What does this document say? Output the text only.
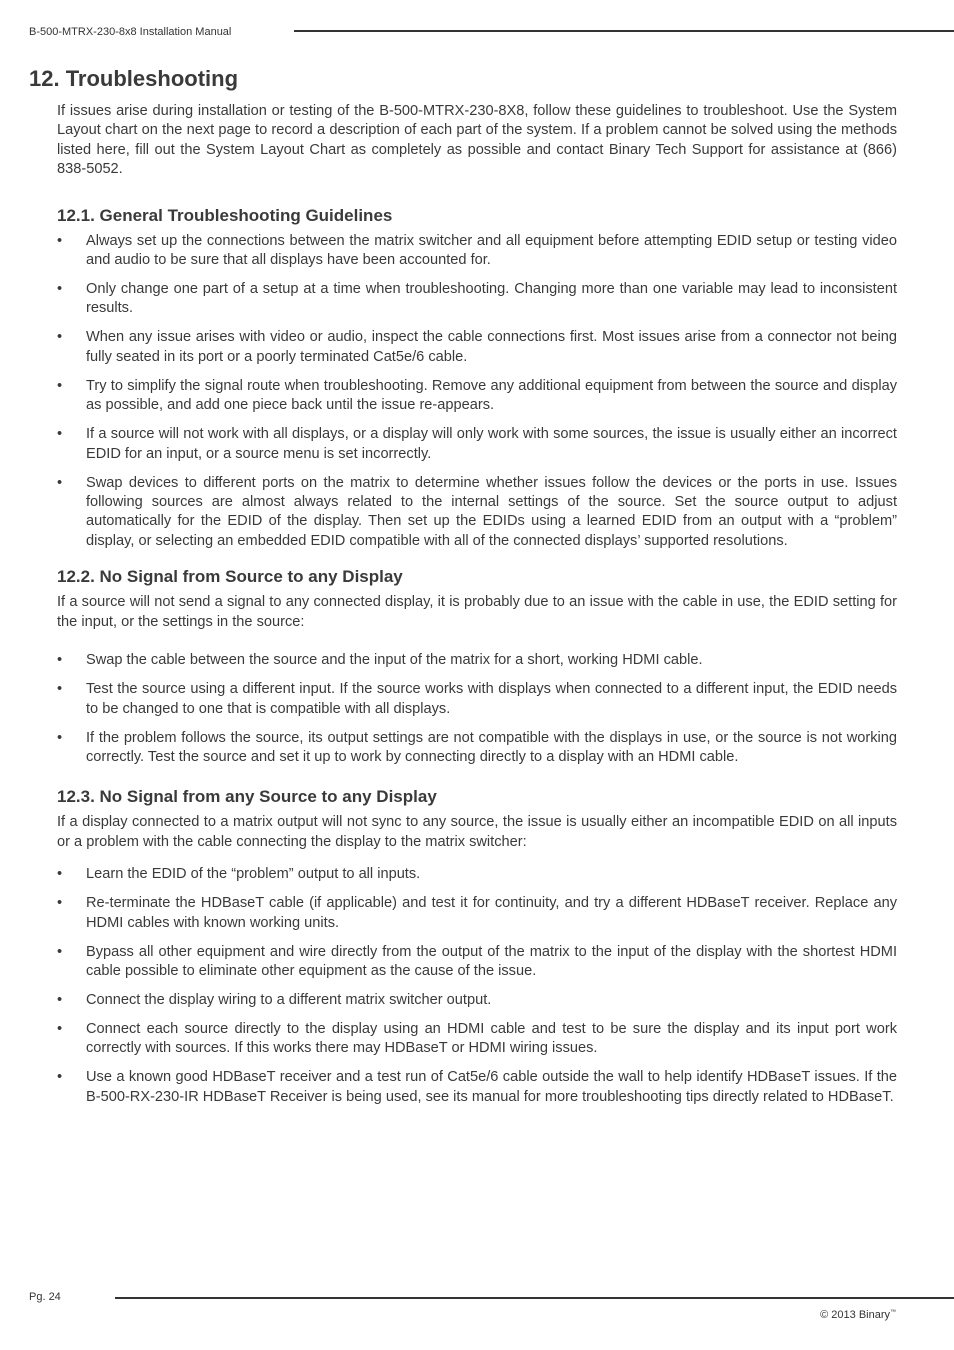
B-500-MTRX-230-8x8 Installation Manual
12. Troubleshooting

If issues arise during installation or testing of the B-500-MTRX-230-8X8, follow these guidelines to troubleshoot. Use the System Layout chart on the next page to record a description of each part of the system. If a problem cannot be solved using the methods listed here, fill out the System Layout Chart as completely as possible and contact Binary Tech Support for assistance at (866) 838-5052.

12.1. General Troubleshooting Guidelines
• Always set up the connections between the matrix switcher and all equipment before attempting EDID setup or testing video and audio to be sure that all displays have been accounted for.
• Only change one part of a setup at a time when troubleshooting. Changing more than one variable may lead to inconsistent results.
• When any issue arises with video or audio, inspect the cable connections first. Most issues arise from a connector not being fully seated in its port or a poorly terminated Cat5e/6 cable.
• Try to simplify the signal route when troubleshooting. Remove any additional equipment from between the source and display as possible, and add one piece back until the issue re-appears.
• If a source will not work with all displays, or a display will only work with some sources, the issue is usually either an incorrect EDID for an input, or a source menu is set incorrectly.
• Swap devices to different ports on the matrix to determine whether issues follow the devices or the ports in use. Issues following sources are almost always related to the internal settings of the source. Set the source output to adjust automatically for the EDID of the display. Then set up the EDIDs using a learned EDID from an output with a “problem” display, or selecting an embedded EDID compatible with all of the connected displays’ supported resolutions.
12.2. No Signal from Source to any Display

If a source will not send a signal to any connected display, it is probably due to an issue with the cable in use, the EDID setting for the input, or the settings in the source:

• Swap the cable between the source and the input of the matrix for a short, working HDMI cable.
• Test the source using a different input. If the source works with displays when connected to a different input, the EDID needs to be changed to one that is compatible with all displays.
• If the problem follows the source, its output settings are not compatible with the displays in use, or the source is not working correctly. Test the source and set it up to work by connecting directly to a display with an HDMI cable.
12.3. No Signal from any Source to any Display

If a display connected to a matrix output will not sync to any source, the issue is usually either an incompatible EDID on all inputs or a problem with the cable connecting the display to the matrix switcher:

• Learn the EDID of the “problem” output to all inputs.
• Re-terminate the HDBaseT cable (if applicable) and test it for continuity, and try a different HDBaseT receiver. Replace any HDMI cables with known working units.
• Bypass all other equipment and wire directly from the output of the matrix to the input of the display with the shortest HDMI cable possible to eliminate other equipment as the cause of the issue.
• Connect the display wiring to a different matrix switcher output.
• Connect each source directly to the display using an HDMI cable and test to be sure the display and its input port work correctly with sources. If this works there may HDBaseT or HDMI wiring issues.
• Use a known good HDBaseT receiver and a test run of Cat5e/6 cable outside the wall to help identify HDBaseT issues. If the B-500-RX-230-IR HDBaseT Receiver is being used, see its manual for more troubleshooting tips directly related to HDBaseT.
Pg. 24
© 2013 Binary™
